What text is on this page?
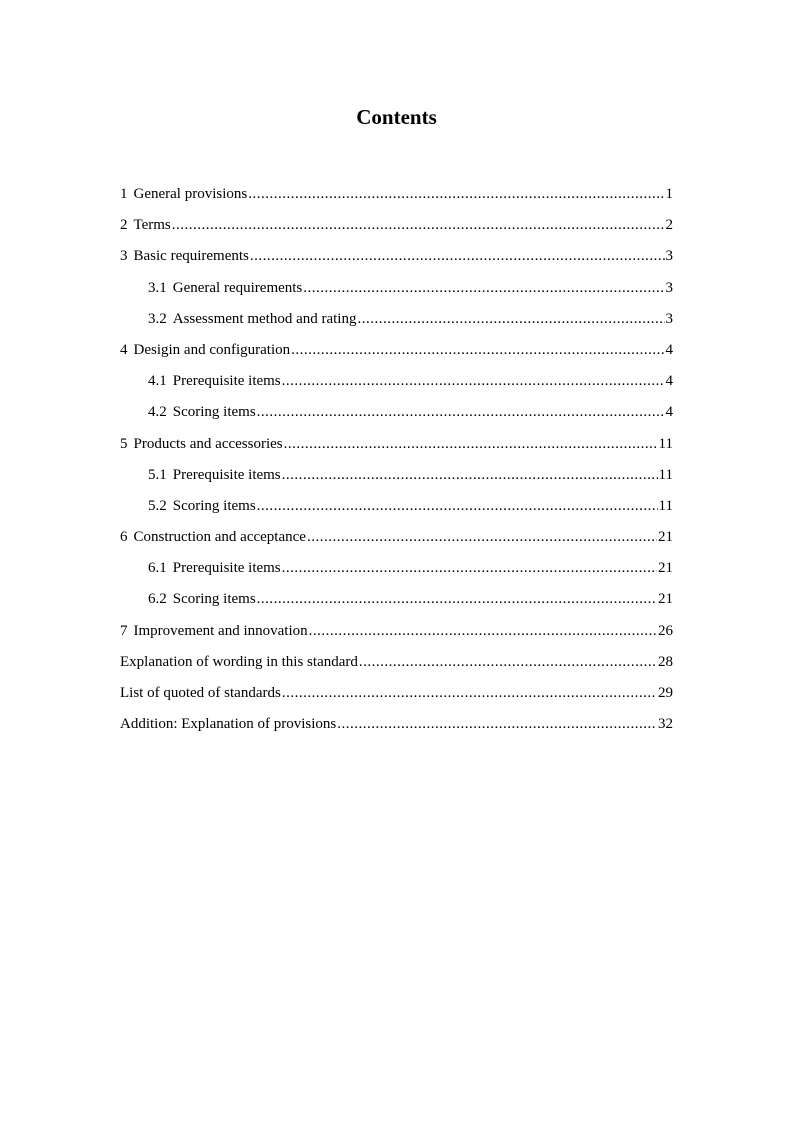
Contents
1 General provisions .....	1
2 Terms .....	2
3 Basic requirements .....	3
3.1 General requirements .....	3
3.2 Assessment method and rating .....	3
4 Desigin and configuration .....	4
4.1 Prerequisite items .....	4
4.2 Scoring items .....	4
5 Products and accessories .....	11
5.1 Prerequisite items .....	11
5.2 Scoring items .....	11
6 Construction and acceptance .....	21
6.1 Prerequisite items .....	21
6.2 Scoring items .....	21
7 Improvement and innovation .....	26
Explanation of wording in this standard .....	28
List of quoted of standards .....	29
Addition: Explanation of provisions .....	32
